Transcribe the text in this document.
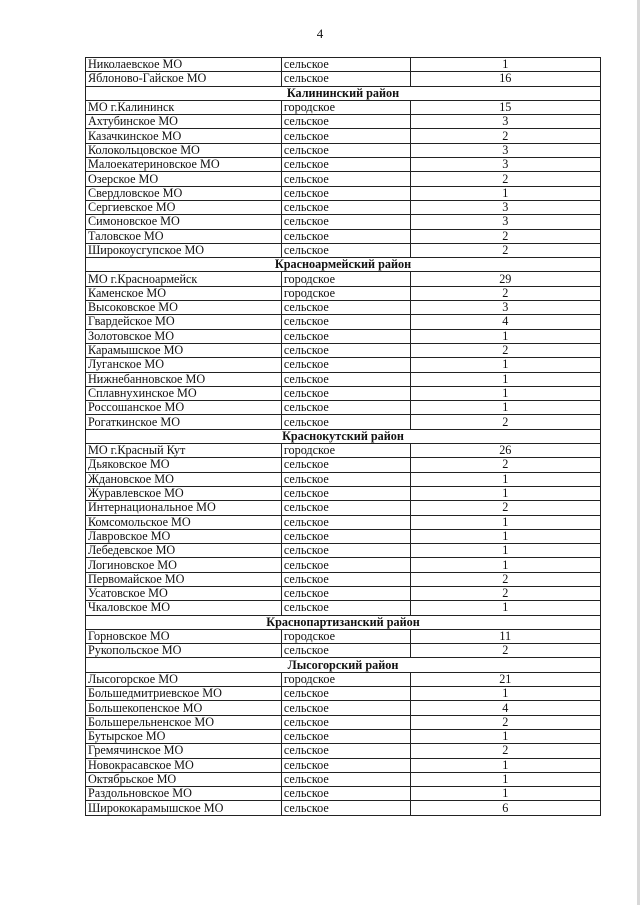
4
Николаевское МО	сельское	1
Яблоново-Гайское МО	сельское	16
Калининский район		
МО г.Калининск	городское	15
Ахтубинское МО	сельское	3
Казачкинское МО	сельское	2
Колокольцовское МО	сельское	3
Малоекатериновское МО	сельское	3
Озерское МО	сельское	2
Свердловское МО	сельское	1
Сергиевское МО	сельское	3
Симоновское МО	сельское	3
Таловское МО	сельское	2
Широкоусгупское МО	сельское	2
Красноармейский район		
МО г.Красноармейск	городское	29
Каменское МО	городское	2
Высоковское МО	сельское	3
Гвардейское МО	сельское	4
Золотовское МО	сельское	1
Карамышское МО	сельское	2
Луганское МО	сельское	1
Нижнебанновское МО	сельское	1
Сплавнухинское МО	сельское	1
Россошанское МО	сельское	1
Рогаткинское МО	сельское	2
Краснокутский район		
МО г.Красный Кут	городское	26
Дьяковское МО	сельское	2
Ждановское МО	сельское	1
Журавлевское МО	сельское	1
Интернациональное МО	сельское	2
Комсомольское МО	сельское	1
Лавровское МО	сельское	1
Лебедевское МО	сельское	1
Логиновское МО	сельское	1
Первомайское МО	сельское	2
Усатовское МО	сельское	2
Чкаловское МО	сельское	1
Краснопартизанский район		
Горновское МО	городское	11
Рукопольское МО	сельское	2
Лысогорский район		
Лысогорское МО	городское	21
Большедмитриевское МО	сельское	1
Большекопенское МО	сельское	4
Большерельненское МО	сельское	2
Бутырское МО	сельское	1
Гремячинское МО	сельское	2
Новокрасавское МО	сельское	1
Октябрьское МО	сельское	1
Раздольновское МО	сельское	1
Ширококарамышское МО	сельское	6
